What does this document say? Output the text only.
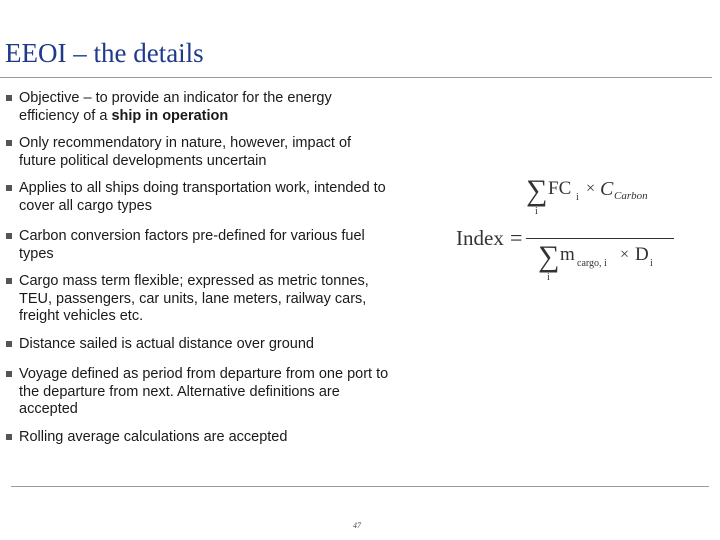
EEOI – the details
Objective – to provide an indicator for the energy efficiency of a ship in operation
Only recommendatory in nature, however, impact of future political developments uncertain
Applies to all ships doing transportation work, intended to cover all cargo types
Carbon conversion factors pre-defined for various fuel types
Cargo mass term flexible; expressed as metric tonnes, TEU, passengers, car units, lane meters, railway cars, freight vehicles etc.
Distance sailed is actual distance over ground
Voyage defined as period from departure from one port to the departure from next. Alternative definitions are accepted
Rolling average calculations are accepted
Index =
∑
i
FC i
× C Carbon
∑
i
m cargo, i
× D i
47
